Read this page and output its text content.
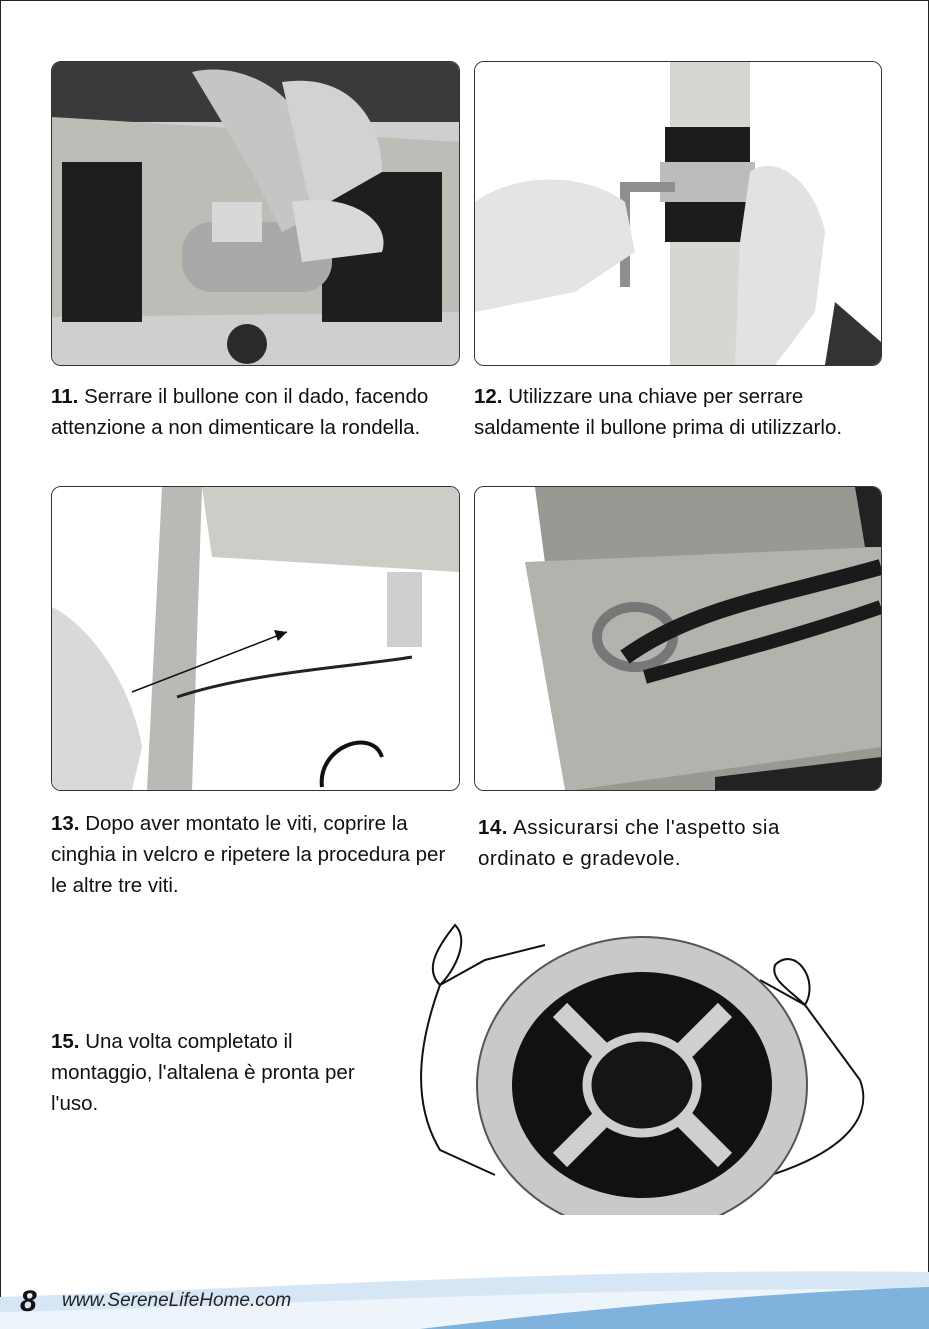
11. Serrare il bullone con il dado, facendo attenzione a non dimenticare la rondella.
12. Utilizzare una chiave per serrare saldamente il bullone prima di utilizzarlo.
13. Dopo aver montato le viti, coprire la cinghia in velcro e ripetere la procedura per le altre tre viti.
14. Assicurarsi che l'aspetto sia ordinato e gradevole.
15. Una volta completato il montaggio, l'altalena è pronta per l'uso.
8 www.SereneLifeHome.com
